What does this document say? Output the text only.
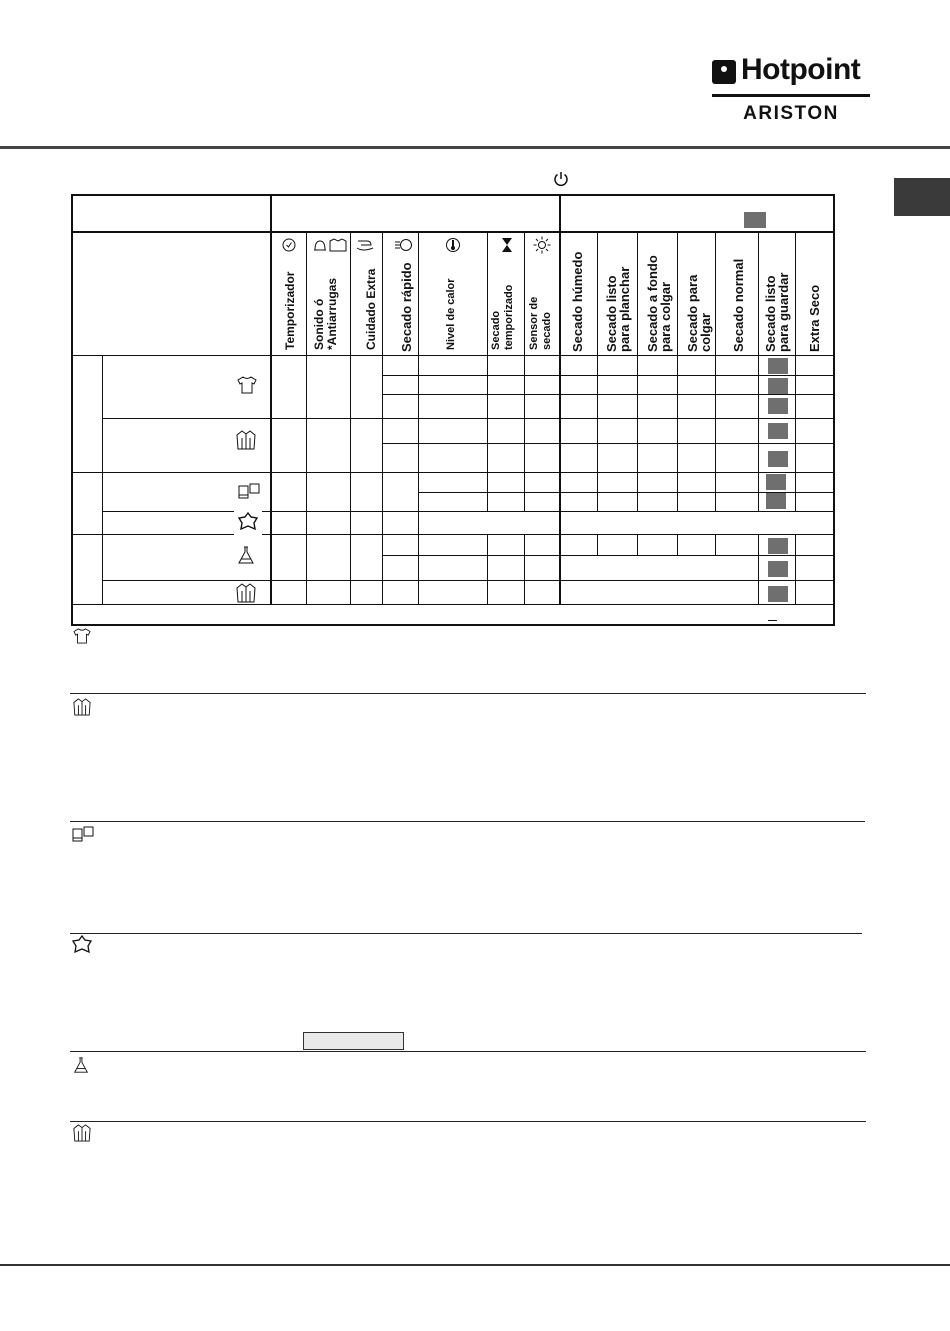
Hotpoint
ARISTON
Temporizador Sonido ó
*Antiarrugas Cuidado Extra Secado rápido	Nivel de calor	Secado
temporizado Sensor de
secado Secado húmedo Secado listo
para planchar
Secado a fondo
para colgar
Secado para
colgar Secado normal Secado listo
para guardar Extra Seco
